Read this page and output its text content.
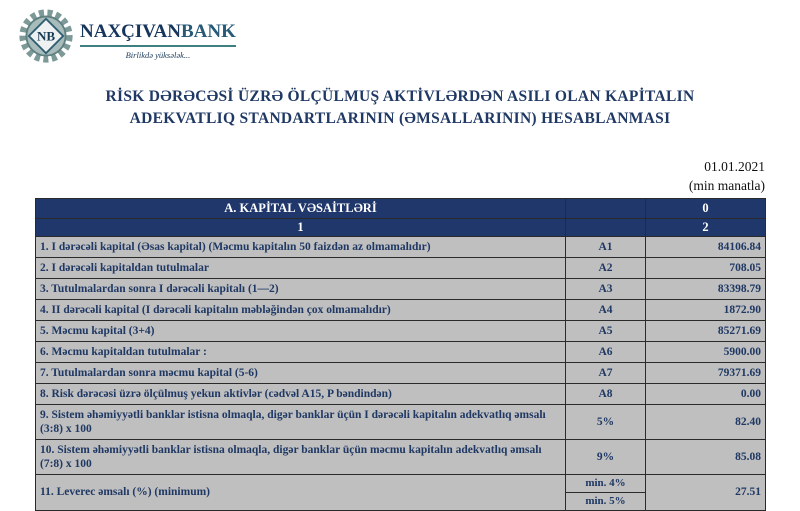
NB NAXÇIVANBANK
Birlikdə yüksələk...
RİSK DƏRƏCƏSİ ÜZRƏ ÖLÇÜLMUŞ AKTİVLƏRDƏN ASILI OLAN KAPİTALIN
ADEKVATLIQ STANDARTLARININ (ƏMSALLARININ) HESABLANMASI
01.01.2021
(min manatla)
A. KAPİTAL VƏSAİTLƏRİ		0
1		2
1. I dərəcəli kapital (Əsas kapital) (Məcmu kapitalın 50 faizdən az olmamalıdır)	A1	84106.84
2. I dərəcəli kapitaldan tutulmalar	A2	708.05
3. Tutulmalardan sonra I dərəcəli kapitalı (1—2)	A3	83398.79
4. II dərəcəli kapital (I dərəcəli kapitalın məbləğindən çox olmamalıdır)	A4	1872.90
5. Məcmu kapital (3+4)	A5	85271.69
6. Məcmu kapitaldan tutulmalar :	A6	5900.00
7. Tutulmalardan sonra məcmu kapital (5-6)	A7	79371.69
8. Risk dərəcəsi üzrə ölçülmuş yekun aktivlər (cədvəl A15, P bəndindən)	A8	0.00
9. Sistem əhəmiyyətli banklar istisna olmaqla, digər banklar üçün I dərəcəli kapitalın adekvatlıq əmsalı (3:8) x 100	5%	82.40
10. Sistem əhəmiyyətli banklar istisna olmaqla, digər banklar üçün məcmu kapitalın adekvatlıq əmsalı (7:8) x 100	9%	85.08
11. Leverec əmsalı (%) (minimum)	min. 4%	27.51
	min. 5%	
